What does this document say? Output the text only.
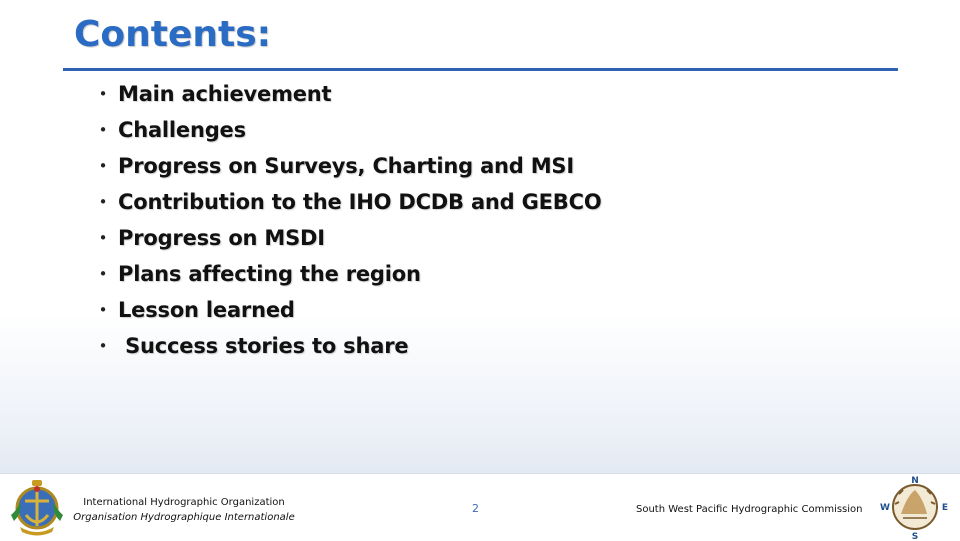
Contents:
• Main achievement
• Challenges
• Progress on Surveys, Charting and MSI
• Contribution to the IHO DCDB and GEBCO
• Progress on MSDI
• Plans affecting the region
• Lesson learned
• Success stories to share
International Hydrographic Organization
Organisation Hydrographique Internationale
2	South West Pacific Hydrographic Commission
N
W	E
S
